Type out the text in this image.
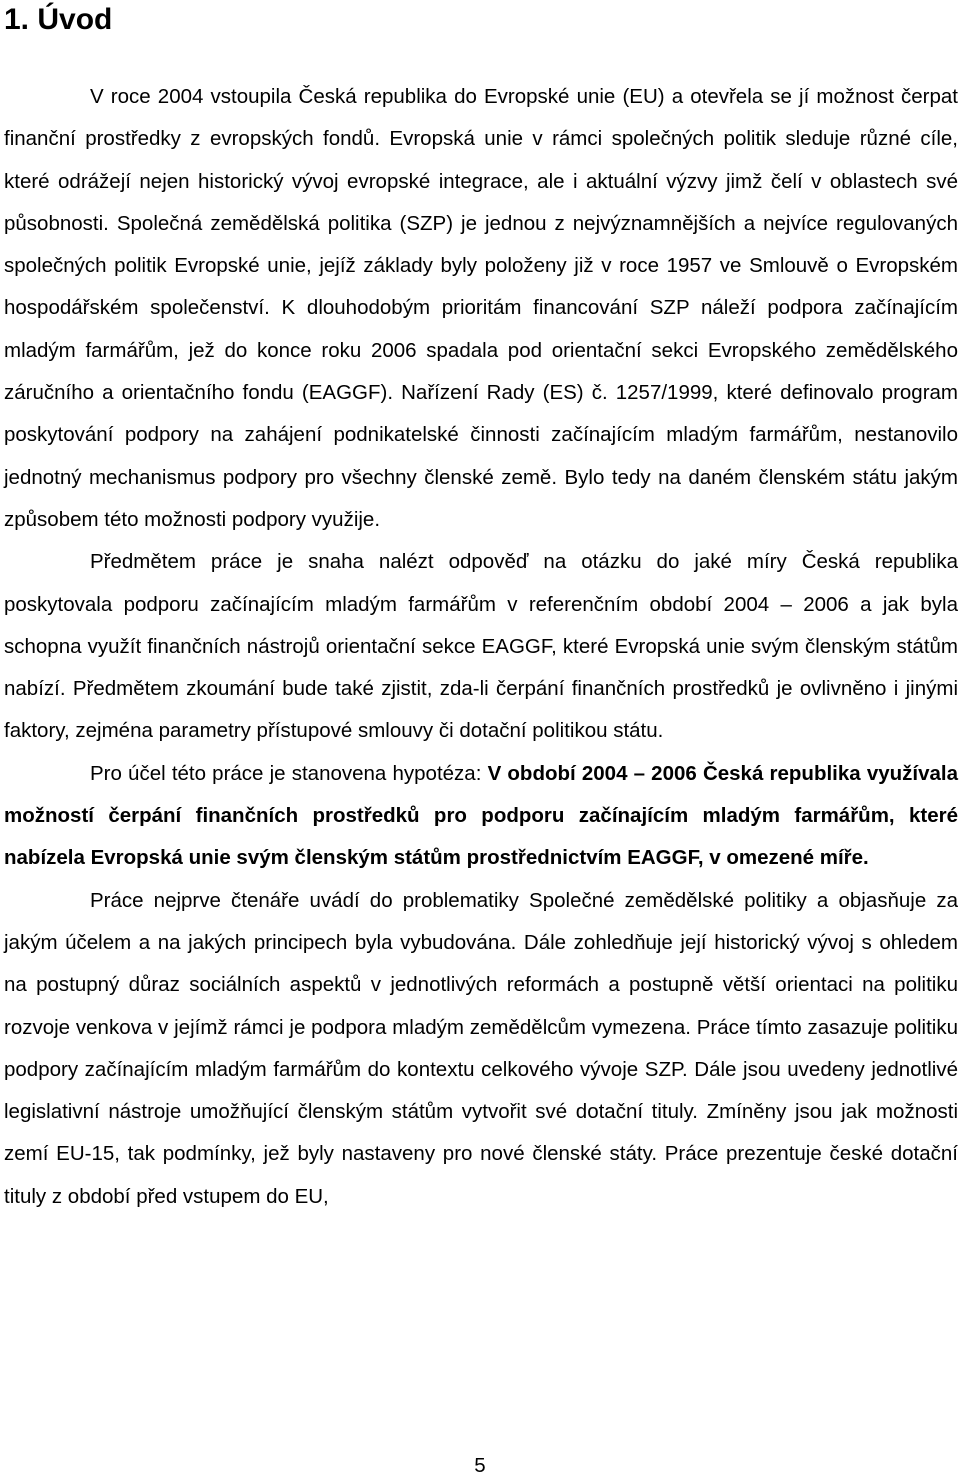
1. Úvod

V roce 2004 vstoupila Česká republika do Evropské unie (EU) a otevřela se jí možnost čerpat finanční prostředky z evropských fondů. Evropská unie v rámci společných politik sleduje různé cíle, které odrážejí nejen historický vývoj evropské integrace, ale i aktuální výzvy jimž čelí v oblastech své působnosti. Společná zemědělská politika (SZP) je jednou z nejvýznamnějších a nejvíce regulovaných společných politik Evropské unie, jejíž základy byly položeny již v roce 1957 ve Smlouvě o Evropském hospodářském společenství. K dlouhodobým prioritám financování SZP náleží podpora začínajícím mladým farmářům, jež do konce roku 2006 spadala pod orientační sekci Evropského zemědělského záručního a orientačního fondu (EAGGF). Nařízení Rady (ES) č. 1257/1999, které definovalo program poskytování podpory na zahájení podnikatelské činnosti začínajícím mladým farmářům, nestanovilo jednotný mechanismus podpory pro všechny členské země. Bylo tedy na daném členském státu jakým způsobem této možnosti podpory využije.

Předmětem práce je snaha nalézt odpověď na otázku do jaké míry Česká republika poskytovala podporu začínajícím mladým farmářům v referenčním období 2004 – 2006 a jak byla schopna využít finančních nástrojů orientační sekce EAGGF, které Evropská unie svým členským státům nabízí. Předmětem zkoumání bude také zjistit, zda-li čerpání finančních prostředků je ovlivněno i jinými faktory, zejména parametry přístupové smlouvy či dotační politikou státu.

Pro účel této práce je stanovena hypotéza: V období 2004 – 2006 Česká republika využívala možností čerpání finančních prostředků pro podporu začínajícím mladým farmářům, které nabízela Evropská unie svým členským státům prostřednictvím EAGGF, v omezené míře.

Práce nejprve čtenáře uvádí do problematiky Společné zemědělské politiky a objasňuje za jakým účelem a na jakých principech byla vybudována. Dále zohledňuje její historický vývoj s ohledem na postupný důraz sociálních aspektů v jednotlivých reformách a postupně větší orientaci na politiku rozvoje venkova v jejímž rámci je podpora mladým zemědělcům vymezena. Práce tímto zasazuje politiku podpory začínajícím mladým farmářům do kontextu celkového vývoje SZP. Dále jsou uvedeny jednotlivé legislativní nástroje umožňující členským státům vytvořit své dotační tituly. Zmíněny jsou jak možnosti zemí EU-15, tak podmínky, jež byly nastaveny pro nové členské státy. Práce prezentuje české dotační tituly z období před vstupem do EU,

5
